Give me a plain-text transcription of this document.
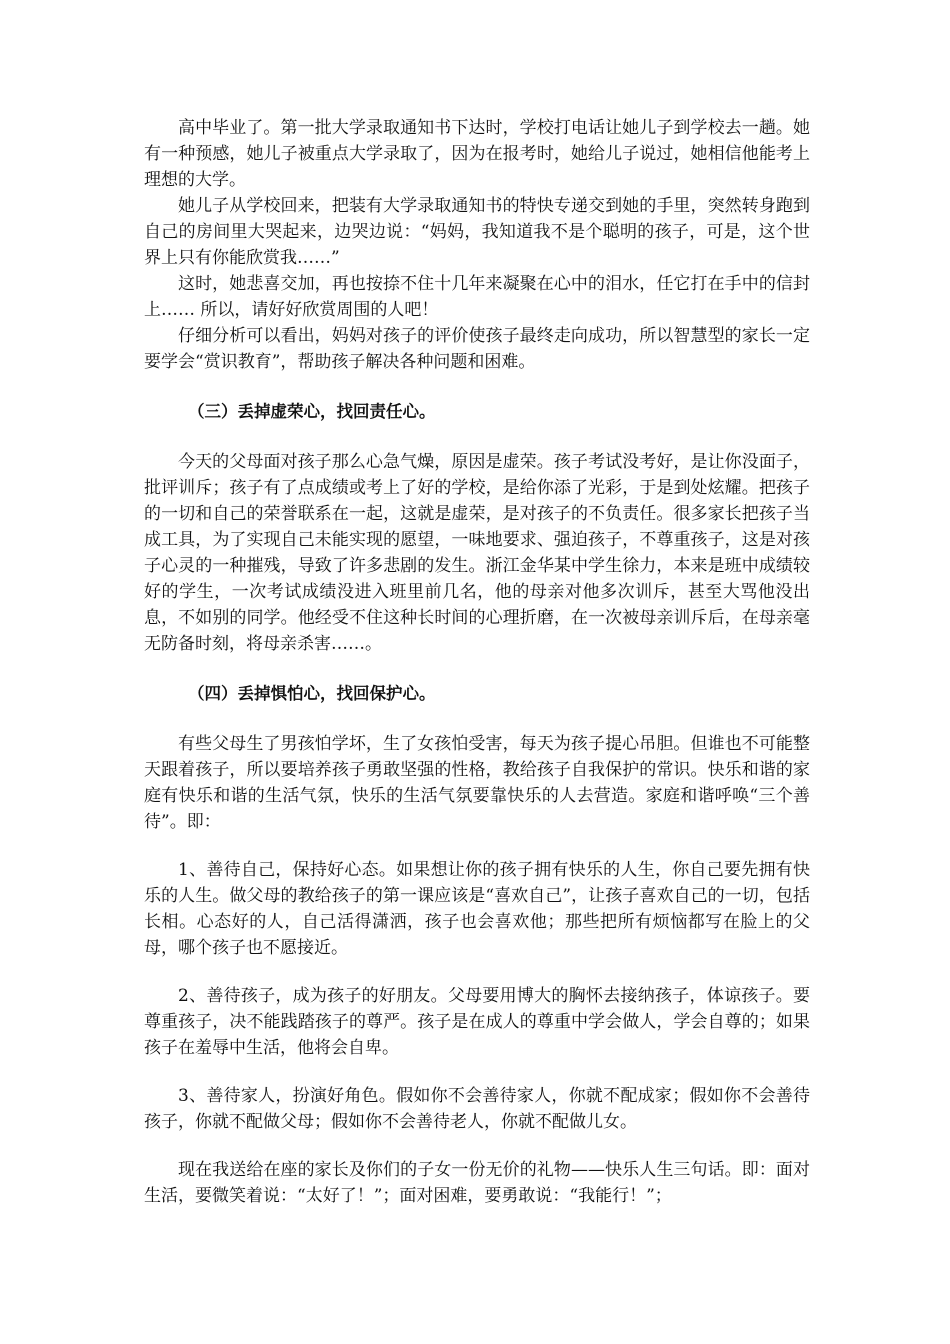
高中毕业了。第一批大学录取通知书下达时，学校打电话让她儿子到学校去一趟。她有一种预感，她儿子被重点大学录取了，因为在报考时，她给儿子说过，她相信他能考上理想的大学。

她儿子从学校回来，把装有大学录取通知书的特快专递交到她的手里，突然转身跑到自己的房间里大哭起来，边哭边说：“妈妈，我知道我不是个聪明的孩子，可是，这个世界上只有你能欣赏我……”

这时，她悲喜交加，再也按捺不住十几年来凝聚在心中的泪水，任它打在手中的信封上…… 所以，请好好欣赏周围的人吧！

仔细分析可以看出，妈妈对孩子的评价使孩子最终走向成功，所以智慧型的家长一定要学会“赏识教育”，帮助孩子解决各种问题和困难。

（三）丢掉虚荣心，找回责任心。

今天的父母面对孩子那么心急气燥，原因是虚荣。孩子考试没考好，是让你没面子，批评训斥；孩子有了点成绩或考上了好的学校，是给你添了光彩，于是到处炫耀。把孩子的一切和自己的荣誉联系在一起，这就是虚荣，是对孩子的不负责任。很多家长把孩子当成工具，为了实现自己未能实现的愿望，一味地要求、强迫孩子，不尊重孩子，这是对孩子心灵的一种摧残，导致了许多悲剧的发生。浙江金华某中学生徐力，本来是班中成绩较好的学生，一次考试成绩没进入班里前几名，他的母亲对他多次训斥，甚至大骂他没出息，不如别的同学。他经受不住这种长时间的心理折磨，在一次被母亲训斥后，在母亲毫无防备时刻，将母亲杀害……。

（四）丢掉惧怕心，找回保护心。

有些父母生了男孩怕学坏，生了女孩怕受害，每天为孩子提心吊胆。但谁也不可能整天跟着孩子，所以要培养孩子勇敢坚强的性格，教给孩子自我保护的常识。快乐和谐的家庭有快乐和谐的生活气氛，快乐的生活气氛要靠快乐的人去营造。家庭和谐呼唤“三个善待”。即：

1、善待自己，保持好心态。如果想让你的孩子拥有快乐的人生，你自己要先拥有快乐的人生。做父母的教给孩子的第一课应该是“喜欢自己”，让孩子喜欢自己的一切，包括长相。心态好的人，自己活得潇洒，孩子也会喜欢他；那些把所有烦恼都写在脸上的父母，哪个孩子也不愿接近。

2、善待孩子，成为孩子的好朋友。父母要用博大的胸怀去接纳孩子，体谅孩子。要尊重孩子，决不能践踏孩子的尊严。孩子是在成人的尊重中学会做人，学会自尊的；如果孩子在羞辱中生活，他将会自卑。

3、善待家人，扮演好角色。假如你不会善待家人，你就不配成家；假如你不会善待孩子，你就不配做父母；假如你不会善待老人，你就不配做儿女。

现在我送给在座的家长及你们的子女一份无价的礼物——快乐人生三句话。即：面对生活，要微笑着说：“太好了！”；面对困难，要勇敢说：“我能行！”；
